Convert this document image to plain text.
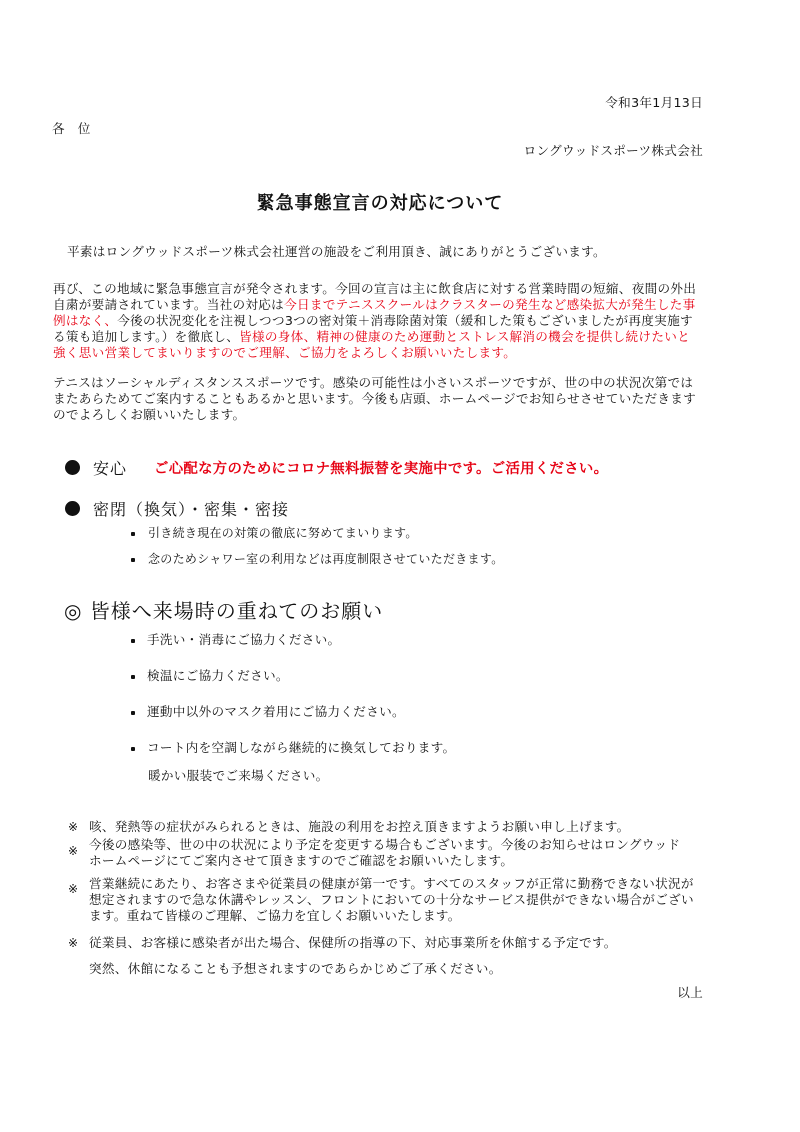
令和3年1月13日
各　位
ロングウッドスポーツ株式会社
緊急事態宣言の対応について
平素はロングウッドスポーツ株式会社運営の施設をご利用頂き、誠にありがとうございます。
再び、この地域に緊急事態宣言が発令されます。今回の宣言は主に飲食店に対する営業時間の短縮、夜間の外出
自粛が要請されています。当社の対応は今日までテニススクールはクラスターの発生など感染拡大が発生した事
例はなく、今後の状況変化を注視しつつ3つの密対策＋消毒除菌対策（緩和した策もございましたが再度実施す
る策も追加します。）を徹底し、皆様の身体、精神の健康のため運動とストレス解消の機会を提供し続けたいと
強く思い営業してまいりますのでご理解、ご協力をよろしくお願いいたします。
テニスはソーシャルディスタンススポーツです。感染の可能性は小さいスポーツですが、世の中の状況次第では
またあらためてご案内することもあるかと思います。今後も店頭、ホームページでお知らせさせていただきます
のでよろしくお願いいたします。
安心 ご心配な方のためにコロナ無料振替を実施中です。ご活用ください。
密閉（換気）・密集・密接
引き続き現在の対策の徹底に努めてまいります。
念のためシャワー室の利用などは再度制限させていただきます。
◎ 皆様へ来場時の重ねてのお願い
手洗い・消毒にご協力ください。
検温にご協力ください。
運動中以外のマスク着用にご協力ください。
コート内を空調しながら継続的に換気しております。
暖かい服装でご来場ください。
※ 咳、発熱等の症状がみられるときは、施設の利用をお控え頂きますようお願い申し上げます。
※ 今後の感染等、世の中の状況により予定を変更する場合もございます。今後のお知らせはロングウッド
ホームページにてご案内させて頂きますのでご確認をお願いいたします。
※ 営業継続にあたり、お客さまや従業員の健康が第一です。すべてのスタッフが正常に勤務できない状況が
想定されますので急な休講やレッスン、フロントにおいての十分なサービス提供ができない場合がござい
ます。重ねて皆様のご理解、ご協力を宜しくお願いいたします。
※ 従業員、お客様に感染者が出た場合、保健所の指導の下、対応事業所を休館する予定です。
突然、休館になることも予想されますのであらかじめご了承ください。
以上
